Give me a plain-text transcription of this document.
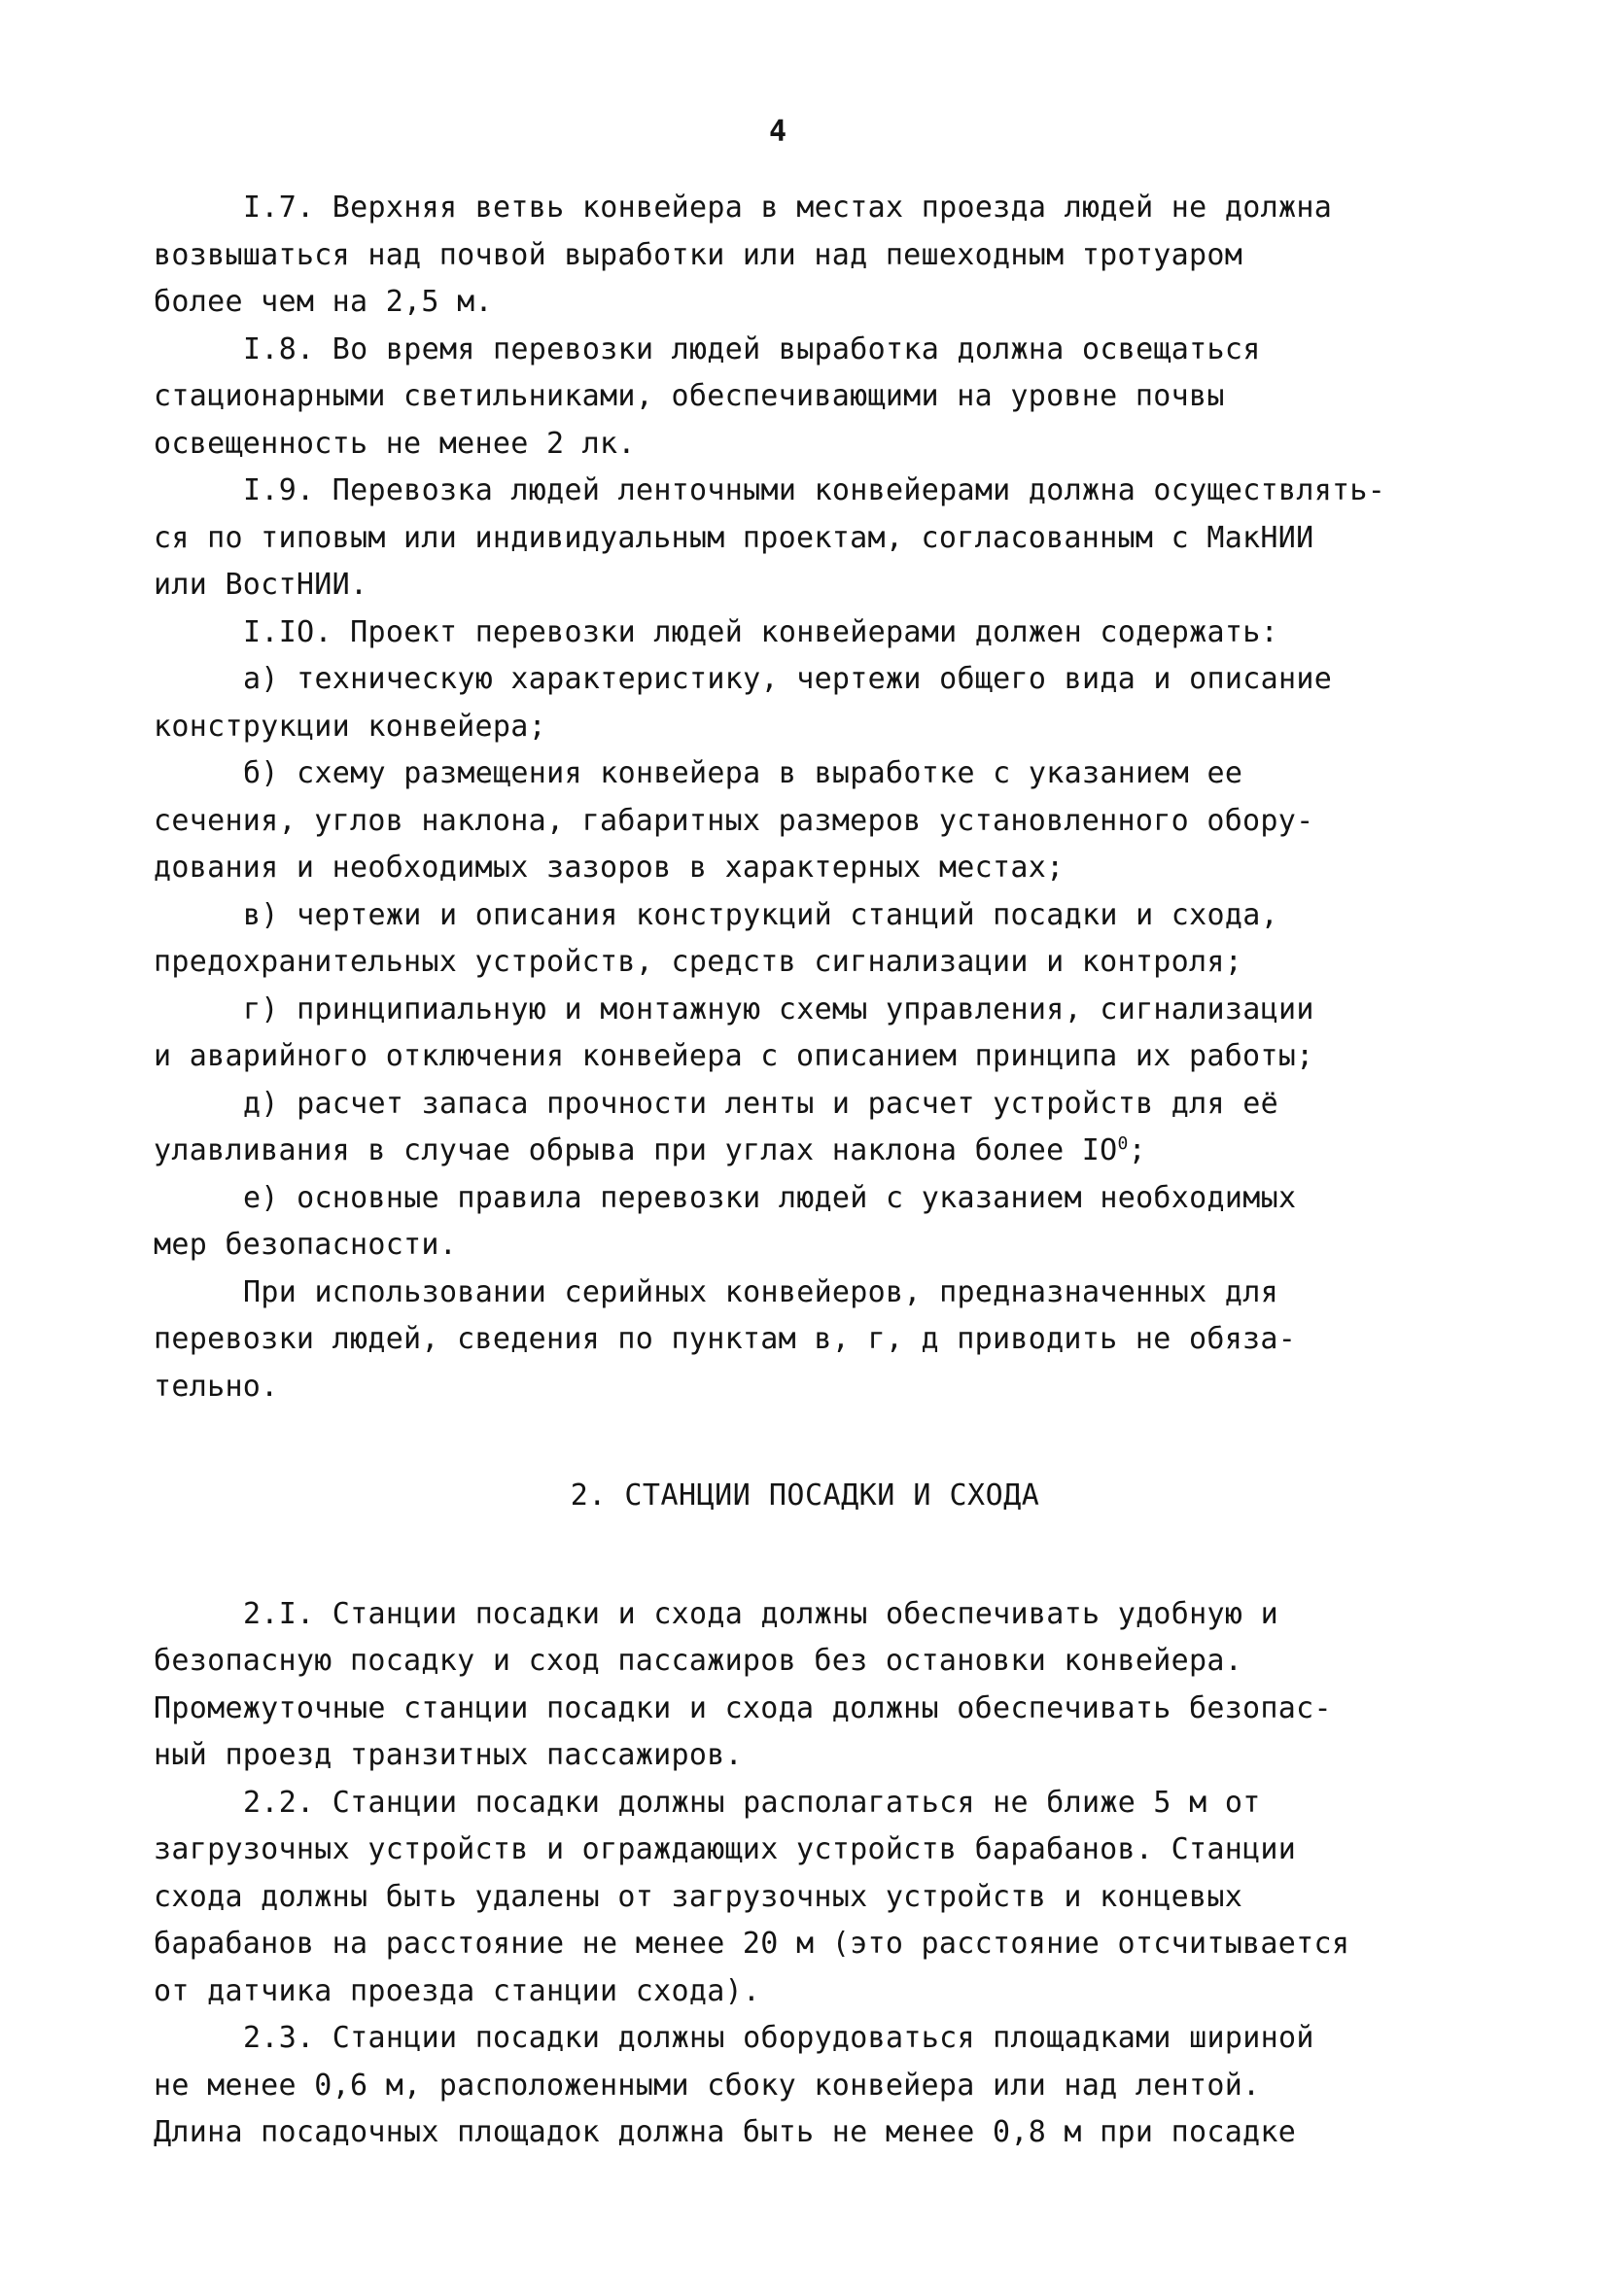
4

I.7. Верхняя ветвь конвейера в местах проезда людей не должна

возвышаться над почвой выработки или над пешеходным тротуаром

более чем на 2,5 м.

I.8. Во время перевозки людей выработка должна освещаться

стационарными светильниками, обеспечивающими на уровне почвы

освещенность не менее 2 лк.

I.9. Перевозка людей ленточными конвейерами должна осуществлять-

ся по типовым или индивидуальным проектам, согласованным с МакНИИ

или ВостНИИ.

I.IO. Проект перевозки людей конвейерами должен содержать:

а) техническую характеристику, чертежи общего вида и описание

конструкции конвейера;

б) схему размещения конвейера в выработке с указанием ее

сечения, углов наклона, габаритных размеров установленного обору-

дования и необходимых зазоров в характерных местах;

в) чертежи и описания конструкций станций посадки и схода,

предохранительных устройств, средств сигнализации и контроля;

г) принципиальную и монтажную схемы управления, сигнализации

и аварийного отключения конвейера с описанием принципа их работы;

д) расчет запаса прочности ленты и расчет устройств для её

улавливания в случае обрыва при углах наклона более $IO^0$;

е) основные правила перевозки людей с указанием необходимых

мер безопасности.

При использовании серийных конвейеров, предназначенных для

перевозки людей, сведения по пунктам в, г, д приводить не обяза-

тельно.

2. СТАНЦИИ ПОСАДКИ И СХОДА

2.I. Станции посадки и схода должны обеспечивать удобную и

безопасную посадку и сход пассажиров без остановки конвейера.

Промежуточные станции посадки и схода должны обеспечивать безопас-

ный проезд транзитных пассажиров.

2.2. Станции посадки должны располагаться не ближе 5 м от

загрузочных устройств и ограждающих устройств барабанов. Станции

схода должны быть удалены от загрузочных устройств и концевых

барабанов на расстояние не менее 20 м (это расстояние отсчитывается

от датчика проезда станции схода).

2.3. Станции посадки должны оборудоваться площадками шириной

не менее 0,6 м, расположенными сбоку конвейера или над лентой.

Длина посадочных площадок должна быть не менее 0,8 м при посадке
